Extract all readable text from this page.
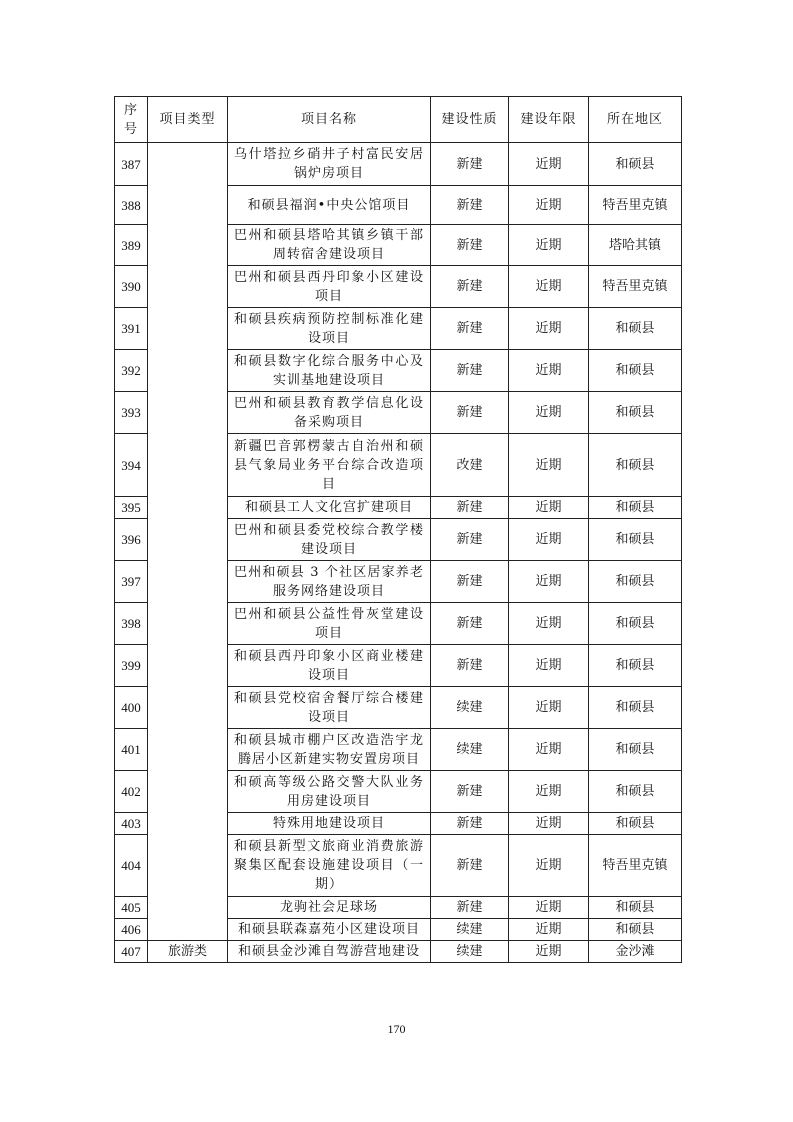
序号	项目类型	项目名称	建设性质	建设年限	所在地区
387		乌什塔拉乡硝井子村富民安居锅炉房项目	新建	近期	和硕县
388		和硕县福润•中央公馆项目	新建	近期	特吾里克镇
389		巴州和硕县塔哈其镇乡镇干部周转宿舍建设项目	新建	近期	塔哈其镇
390		巴州和硕县西丹印象小区建设项目	新建	近期	特吾里克镇
391		和硕县疾病预防控制标准化建设项目	新建	近期	和硕县
392		和硕县数字化综合服务中心及实训基地建设项目	新建	近期	和硕县
393		巴州和硕县教育教学信息化设备采购项目	新建	近期	和硕县
394		新疆巴音郭楞蒙古自治州和硕县气象局业务平台综合改造项目	改建	近期	和硕县
395		和硕县工人文化宫扩建项目	新建	近期	和硕县
396		巴州和硕县委党校综合教学楼建设项目	新建	近期	和硕县
397		巴州和硕县 3 个社区居家养老服务网络建设项目	新建	近期	和硕县
398		巴州和硕县公益性骨灰堂建设项目	新建	近期	和硕县
399		和硕县西丹印象小区商业楼建设项目	新建	近期	和硕县
400		和硕县党校宿舍餐厅综合楼建设项目	续建	近期	和硕县
401		和硕县城市棚户区改造浩宇龙腾居小区新建实物安置房项目	续建	近期	和硕县
402		和硕高等级公路交警大队业务用房建设项目	新建	近期	和硕县
403		特殊用地建设项目	新建	近期	和硕县
404		和硕县新型文旅商业消费旅游聚集区配套设施建设项目（一期）	新建	近期	特吾里克镇
405		龙驹社会足球场	新建	近期	和硕县
406		和硕县联森嘉苑小区建设项目	续建	近期	和硕县
407	旅游类	和硕县金沙滩自驾游营地建设	续建	近期	金沙滩
170
